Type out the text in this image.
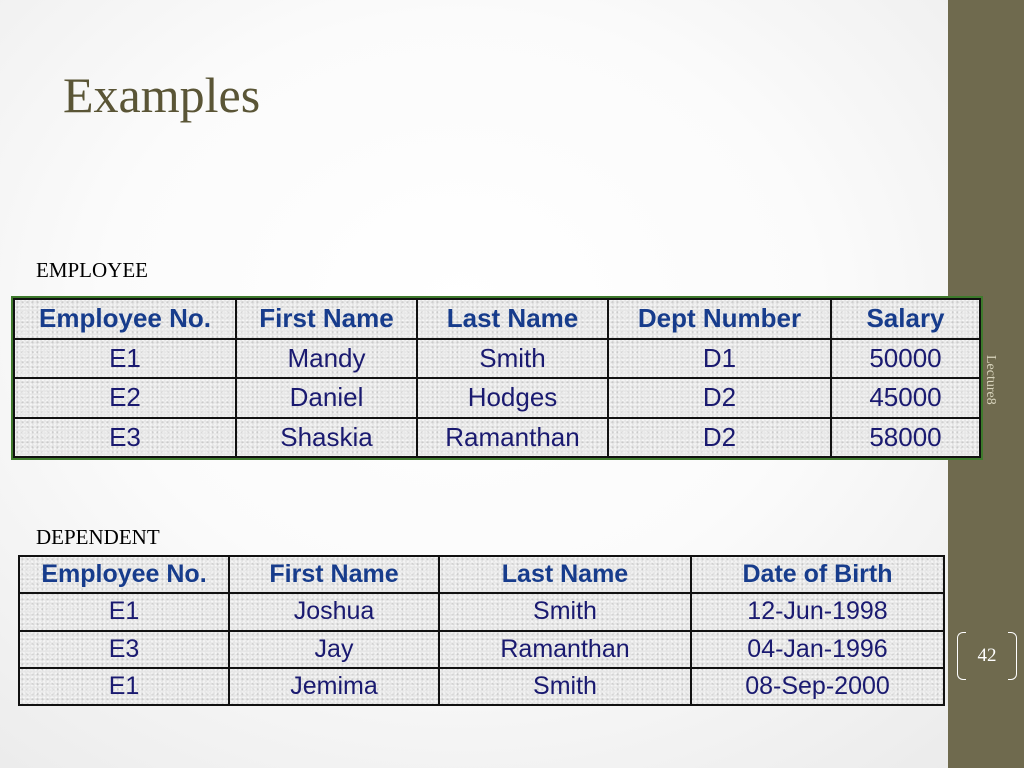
Lecture8
42
Examples
EMPLOYEE
Employee No.	First Name	Last Name	Dept Number	Salary
E1	Mandy	Smith	D1	50000
E2	Daniel	Hodges	D2	45000
E3	Shaskia	Ramanthan	D2	58000
DEPENDENT
Employee No.	First Name	Last Name	Date of Birth
E1	Joshua	Smith	12-Jun-1998
E3	Jay	Ramanthan	04-Jan-1996
E1	Jemima	Smith	08-Sep-2000
